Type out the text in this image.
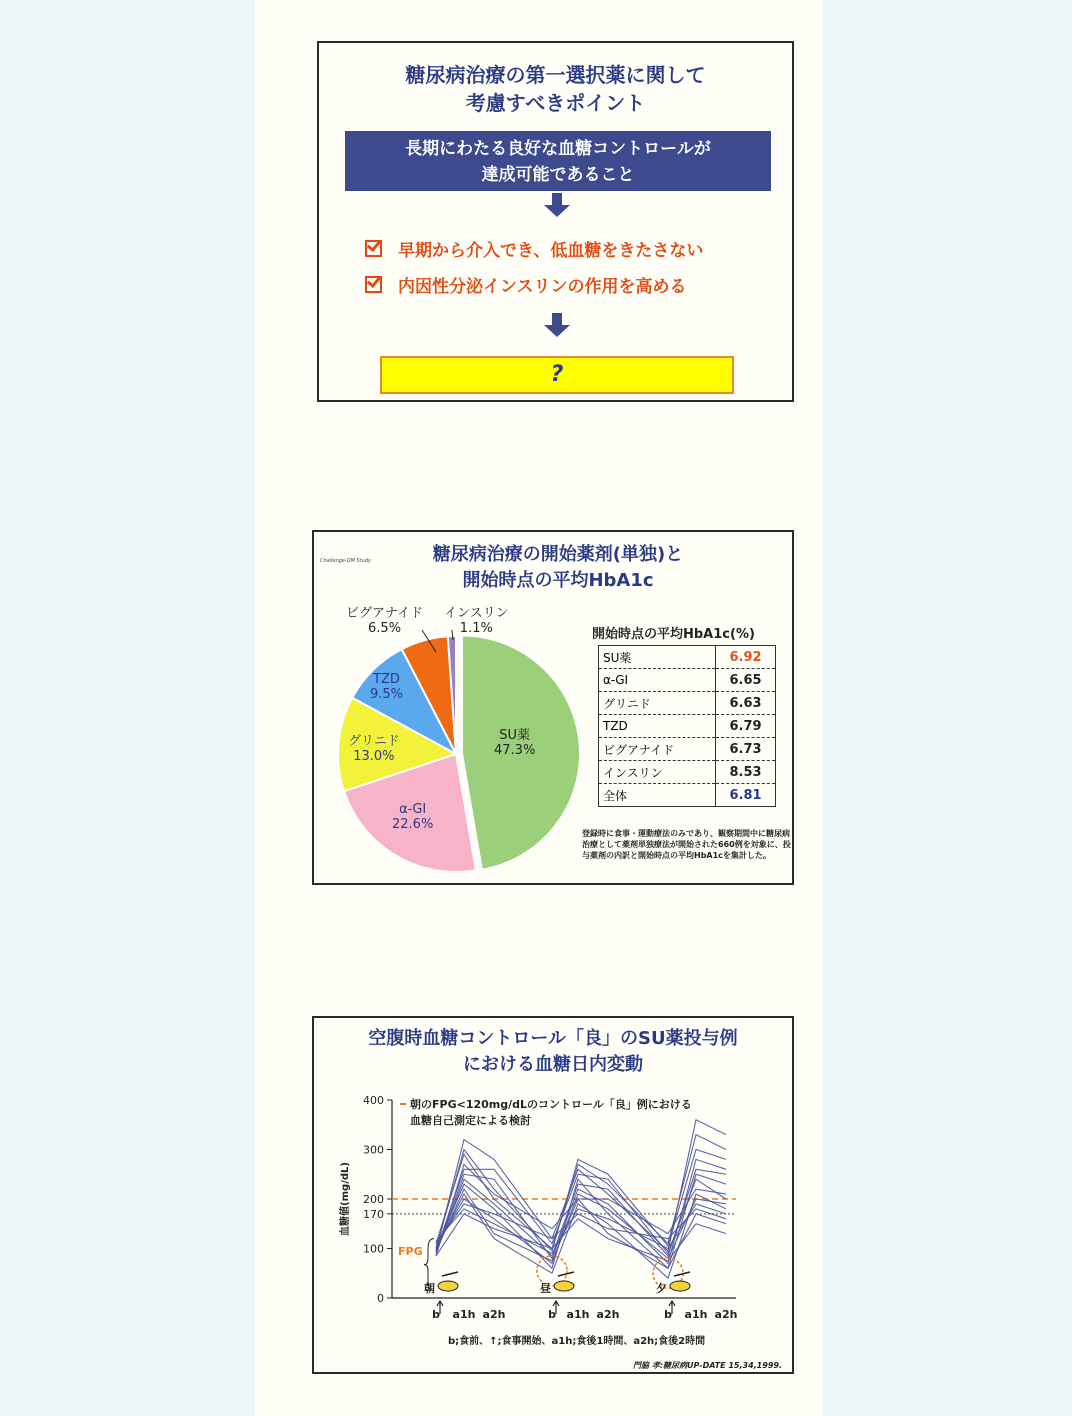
糖尿病治療の第一選択薬に関して
考慮すべきポイント
長期にわたる良好な血糖コントロールが
達成可能であること
早期から介入でき、低血糖をきたさない
内因性分泌インスリンの作用を高める
?
Challenge-DM Study	糖尿病治療の開始薬剤(単独)と
開始時点の平均HbA1c
SU薬
47.3%
α-GI
22.6%
グリニド
13.0%
TZD
9.5%
ビグアナイド
6.5%
インスリン
1.1%	開始時点の平均HbA1c(%)
SU薬	6.92
α-GI	6.65
グリニド	6.63
TZD	6.79
ビグアナイド	6.73
インスリン	8.53
全体	6.81
登録時に食事・運動療法のみであり、観察期間中に糖尿病治療として薬剤単独療法が開始された660例を対象に、投与薬剤の内訳と開始時点の平均HbA1cを集計した。
空腹時血糖コントロール「良」のSU薬投与例
における血糖日内変動
0
100
170
200
300
400
血糖値(mg/dL)
FPG
朝のFPG<120mg/dLのコントロール「良」例における
血糖自己測定による検討
朝	昼	夕
b a1h a2h	b a1h a2h	b a1h a2h
b;食前、↑;食事開始、a1h;食後1時間、a2h;食後2時間
門脇 孝:糖尿病UP-DATE 15,34,1999.
